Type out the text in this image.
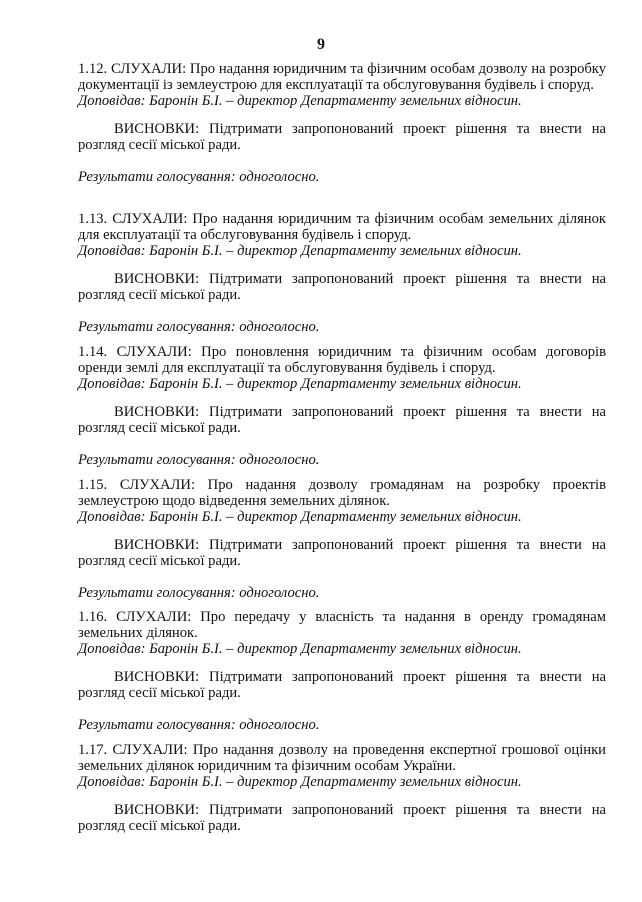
9
1.12. СЛУХАЛИ: Про надання юридичним та фізичним особам дозволу на розробку документації із землеустрою для експлуатації та обслуговування будівель і споруд.
Доповідав: Баронін Б.І. – директор Департаменту земельних відносин.
ВИСНОВКИ: Підтримати запропонований проект рішення та внести на розгляд сесії міської ради.
Результати голосування: одноголосно.
1.13. СЛУХАЛИ: Про надання юридичним та фізичним особам земельних ділянок для експлуатації та обслуговування будівель і споруд.
Доповідав: Баронін Б.І. – директор Департаменту земельних відносин.
ВИСНОВКИ: Підтримати запропонований проект рішення та внести на розгляд сесії міської ради.
Результати голосування: одноголосно.
1.14. СЛУХАЛИ: Про поновлення юридичним та фізичним особам договорів оренди землі для експлуатації та обслуговування будівель і споруд.
Доповідав: Баронін Б.І. – директор Департаменту земельних відносин.
ВИСНОВКИ: Підтримати запропонований проект рішення та внести на розгляд сесії міської ради.
Результати голосування: одноголосно.
1.15. СЛУХАЛИ: Про надання дозволу громадянам на розробку проектів землеустрою щодо відведення земельних ділянок.
Доповідав: Баронін Б.І. – директор Департаменту земельних відносин.
ВИСНОВКИ: Підтримати запропонований проект рішення та внести на розгляд сесії міської ради.
Результати голосування: одноголосно.
1.16. СЛУХАЛИ: Про передачу у власність та надання в оренду громадянам земельних ділянок.
Доповідав: Баронін Б.І. – директор Департаменту земельних відносин.
ВИСНОВКИ: Підтримати запропонований проект рішення та внести на розгляд сесії міської ради.
Результати голосування: одноголосно.
1.17. СЛУХАЛИ: Про надання дозволу на проведення експертної грошової оцінки земельних ділянок юридичним та фізичним особам України.
Доповідав: Баронін Б.І. – директор Департаменту земельних відносин.
ВИСНОВКИ: Підтримати запропонований проект рішення та внести на розгляд сесії міської ради.
